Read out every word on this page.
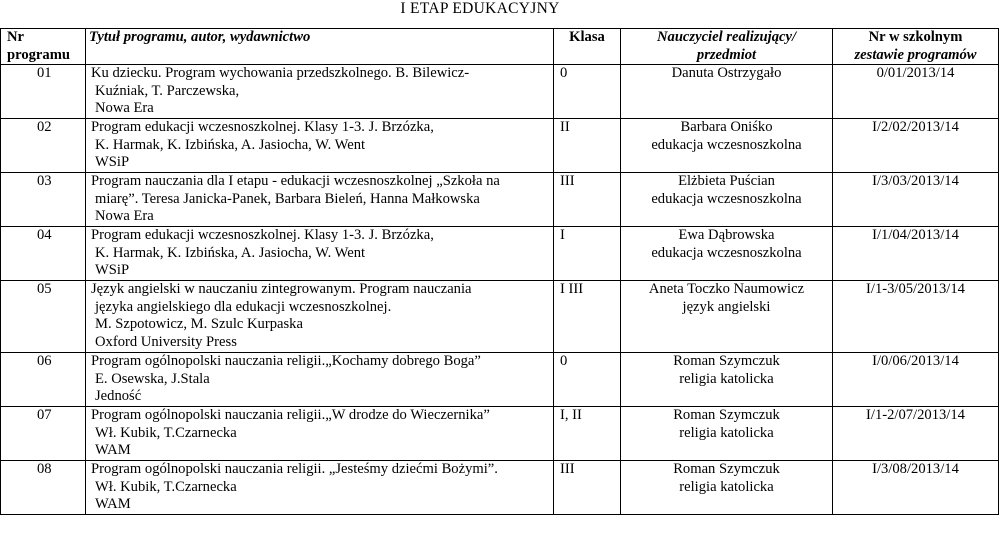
I ETAP EDUKACYJNY
Nr
programu	Tytuł programu, autor, wydawnictwo	Klasa	Nauczyciel realizujący/
przedmiot	Nr w szkolnym
zestawie programów

01	Ku dziecku. Program wychowania przedszkolnego. B. Bilewicz-
Kuźniak, T. Parczewska,
Nowa Era	0	Danuta Ostrzygało	0/01/2013/14

02	Program edukacji wczesnoszkolnej. Klasy 1-3. J. Brzózka,
K. Harmak, K. Izbińska, A. Jasiocha, W. Went
WSiP	II	Barbara Oniśko
edukacja wczesnoszkolna	I/2/02/2013/14

03	Program nauczania dla I etapu - edukacji wczesnoszkolnej „Szkoła na
miarę”. Teresa Janicka-Panek, Barbara Bieleń, Hanna Małkowska
Nowa Era	III	Elżbieta Puścian
edukacja wczesnoszkolna	I/3/03/2013/14

04	Program edukacji wczesnoszkolnej. Klasy 1-3. J. Brzózka,
K. Harmak, K. Izbińska, A. Jasiocha, W. Went
WSiP	I	Ewa Dąbrowska
edukacja wczesnoszkolna	I/1/04/2013/14

05	Język angielski w nauczaniu zintegrowanym. Program nauczania
języka angielskiego dla edukacji wczesnoszkolnej.
M. Szpotowicz, M. Szulc Kurpaska
Oxford University Press	I III	Aneta Toczko Naumowicz
język angielski	I/1-3/05/2013/14

06	Program ogólnopolski nauczania religii.„Kochamy dobrego Boga”
E. Osewska, J.Stala
Jedność	0	Roman Szymczuk
religia katolicka	I/0/06/2013/14

07	Program ogólnopolski nauczania religii.„W drodze do Wieczernika”
Wł. Kubik, T.Czarnecka
WAM	I, II	Roman Szymczuk
religia katolicka	I/1-2/07/2013/14

08	Program ogólnopolski nauczania religii. „Jesteśmy dziećmi Bożymi”.
Wł. Kubik, T.Czarnecka
WAM	III	Roman Szymczuk
religia katolicka	I/3/08/2013/14
